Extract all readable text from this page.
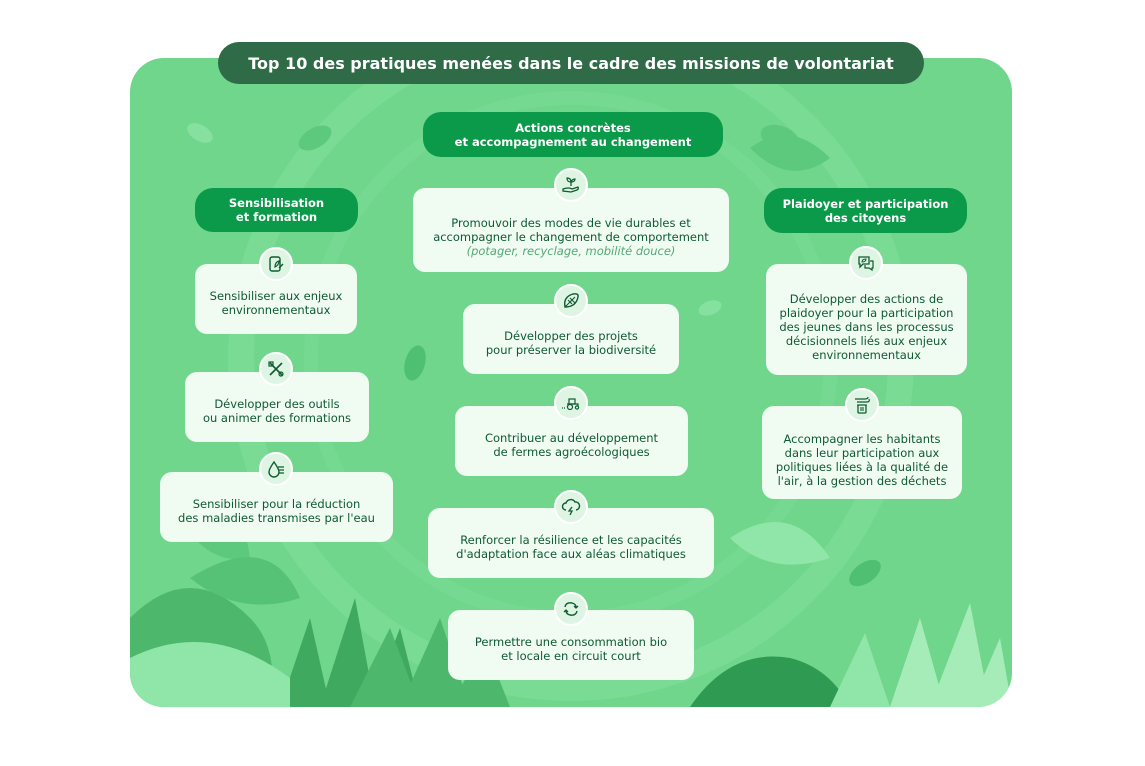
Top 10 des pratiques menées dans le cadre des missions de volontariat
Sensibilisation
et formation
Actions concrètes
et accompagnement au changement
Plaidoyer et participation
des citoyens
Sensibiliser aux enjeux
environnementaux
Développer des outils
ou animer des formations
Sensibiliser pour la réduction
des maladies transmises par l'eau
Promouvoir des modes de vie durables et
accompagner le changement de comportement
(potager, recyclage, mobilité douce)
Développer des projets
pour préserver la biodiversité
Contribuer au développement
de fermes agroécologiques
Renforcer la résilience et les capacités
d'adaptation face aux aléas climatiques
Permettre une consommation bio
et locale en circuit court
Développer des actions de
plaidoyer pour la participation
des jeunes dans les processus
décisionnels liés aux enjeux
environnementaux
Accompagner les habitants
dans leur participation aux
politiques liées à la qualité de
l'air, à la gestion des déchets
